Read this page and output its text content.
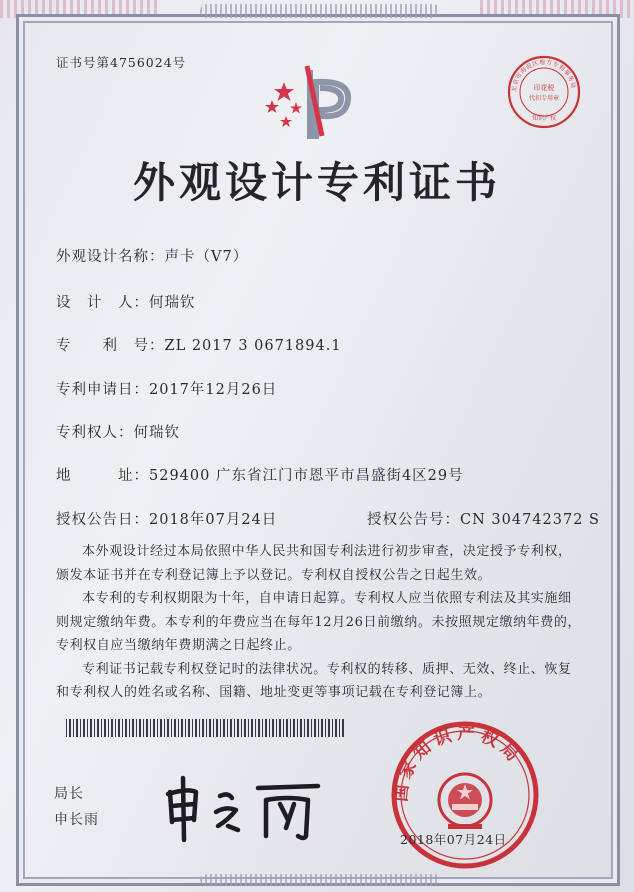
证书号第4756024号
北京市海淀区地方专利事务局
印花税
代扣专用章
知识产权
外观设计专利证书
外观设计名称：声卡（V7）
设　计　人：何瑞钦
专　　利　号：ZL 2017 3 0671894.1
专利申请日：2017年12月26日
专利权人：何瑞钦
地　　　址：529400 广东省江门市恩平市昌盛街4区29号
授权公告日：2018年07月24日	授权公告号：CN 304742372 S

本外观设计经过本局依照中华人民共和国专利法进行初步审查，决定授予专利权，颁发本证书并在专利登记簿上予以登记。专利权自授权公告之日起生效。

本专利的专利权期限为十年，自申请日起算。专利权人应当依照专利法及其实施细则规定缴纳年费。本专利的年费应当在每年12月26日前缴纳。未按照规定缴纳年费的，专利权自应当缴纳年费期满之日起终止。

专利证书记载专利权登记时的法律状况。专利权的转移、质押、无效、终止、恢复和专利权人的姓名或名称、国籍、地址变更等事项记载在专利登记簿上。

局长
申长雨
国家知识产权局
2018年07月24日
